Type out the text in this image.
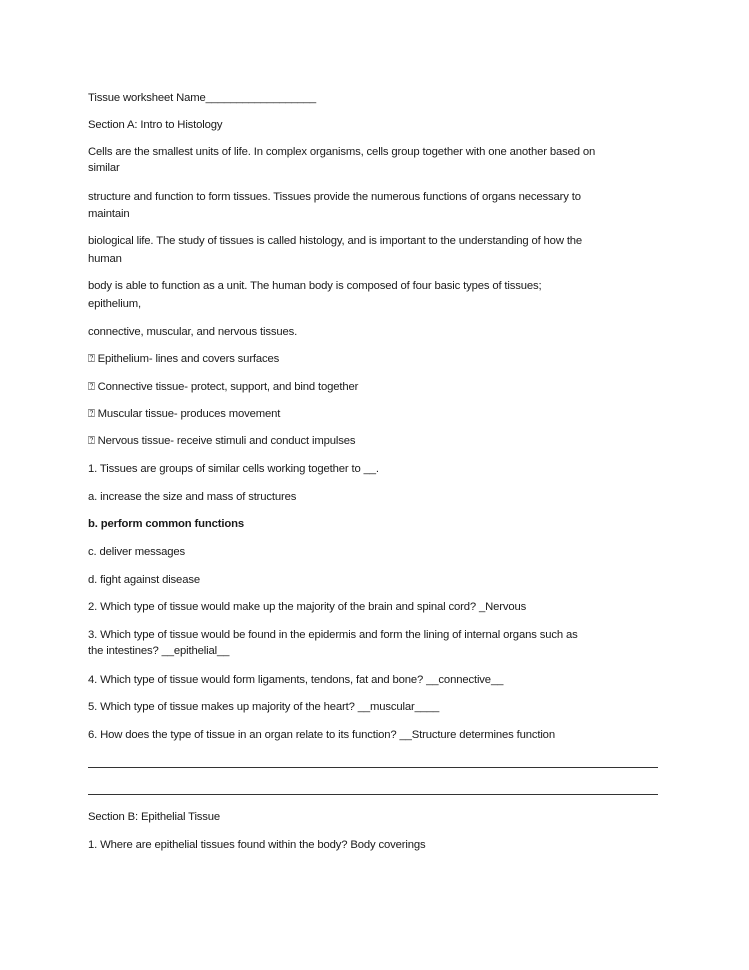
Tissue worksheet Name__________________
Section A: Intro to Histology
Cells are the smallest units of life. In complex organisms, cells group together with one another based on
similar
structure and function to form tissues. Tissues provide the numerous functions of organs necessary to
maintain
biological life. The study of tissues is called histology, and is important to the understanding of how the
human
body is able to function as a unit. The human body is composed of four basic types of tissues;
epithelium,
connective, muscular, and nervous tissues.
⍰ Epithelium- lines and covers surfaces
⍰ Connective tissue- protect, support, and bind together
⍰ Muscular tissue- produces movement
⍰ Nervous tissue- receive stimuli and conduct impulses
1. Tissues are groups of similar cells working together to __.
a. increase the size and mass of structures
b. perform common functions
c. deliver messages
d. fight against disease
2. Which type of tissue would make up the majority of the brain and spinal cord? _Nervous
3. Which type of tissue would be found in the epidermis and form the lining of internal organs such as
the intestines? __epithelial__
4. Which type of tissue would form ligaments, tendons, fat and bone? __connective__
5. Which type of tissue makes up majority of the heart? __muscular____
6. How does the type of tissue in an organ relate to its function? __Structure determines function
Section B: Epithelial Tissue
1. Where are epithelial tissues found within the body? Body coverings
